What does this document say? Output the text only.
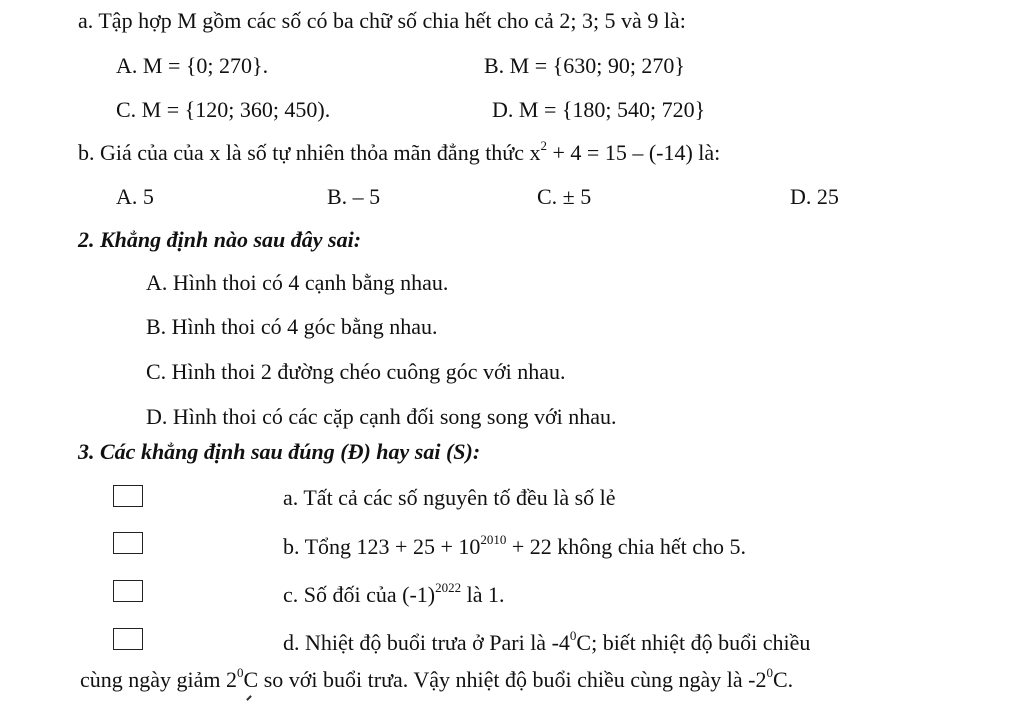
a. Tập hợp M gồm các số có ba chữ số chia hết cho cả 2; 3; 5 và 9 là:
A. M = {0; 270}.	B. M = {630; 90; 270}
C. M = {120; 360; 450).	D. M = {180; 540; 720}
b. Giá của của x là số tự nhiên thỏa mãn đẳng thức $x^2 + 4 = 15 - (-14)$ là:
A. 5	B. – 5	C. ± 5	D. 25
2. Khẳng định nào sau đây sai:
A. Hình thoi có 4 cạnh bằng nhau.
B. Hình thoi có 4 góc bằng nhau.
C. Hình thoi 2 đường chéo cuông góc với nhau.
D. Hình thoi có các cặp cạnh đối song song với nhau.
3. Các khẳng định sau đúng (Đ) hay sai (S):
a. Tất cả các số nguyên tố đều là số lẻ
b. Tổng $123 + 25 + 10^{2010} + 22$ không chia hết cho 5.
c. Số đối của $(-1)^{2022}$ là 1.
d. Nhiệt độ buổi trưa ở Pari là $-4^0C$; biết nhiệt độ buổi chiều
cùng ngày giảm $2^0C$ so với buổi trưa. Vậy nhiệt độ buổi chiều cùng ngày là $-2^0C$.
